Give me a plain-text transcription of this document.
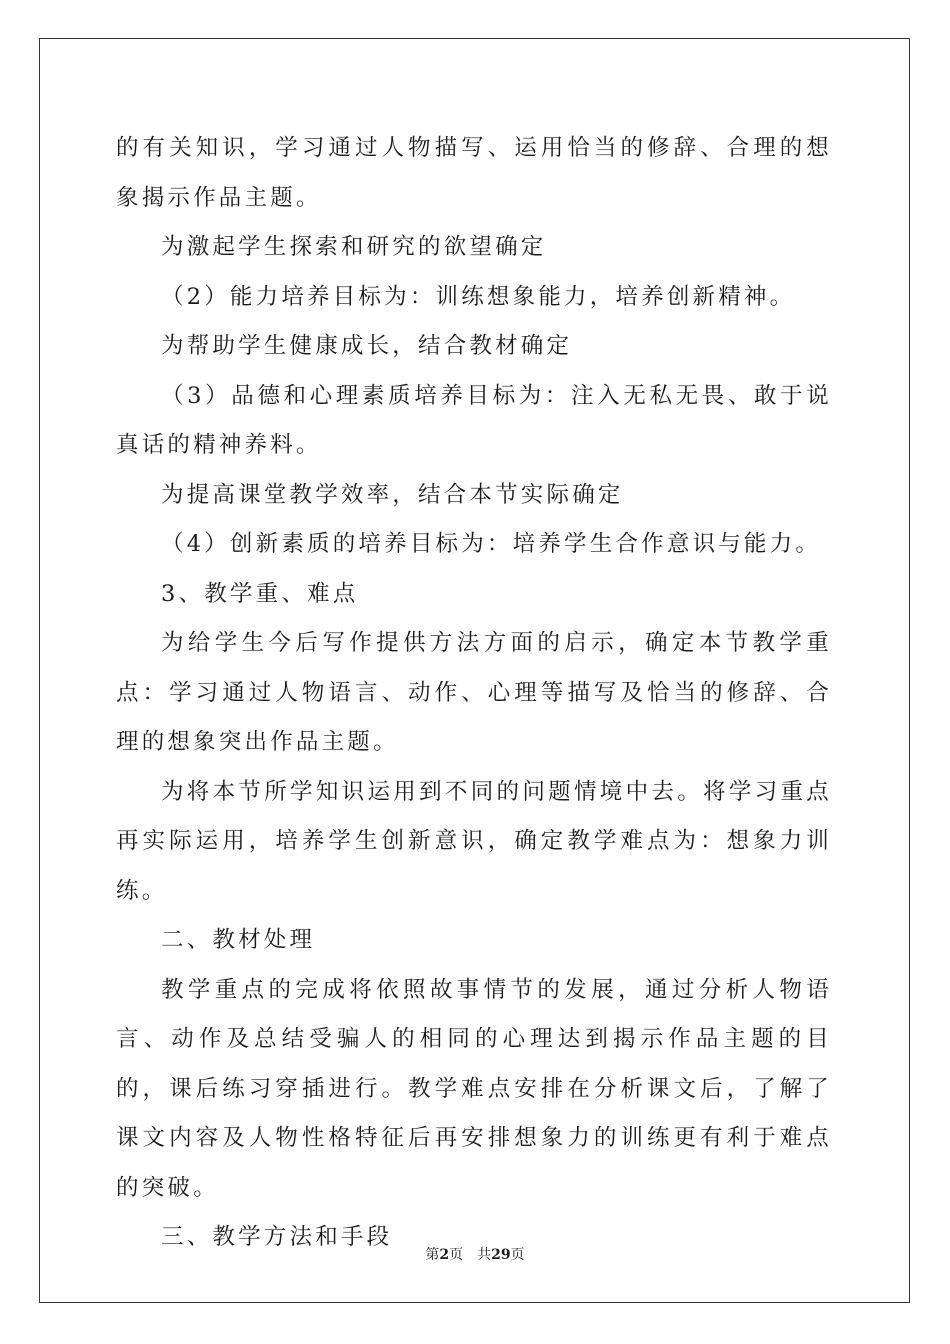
的有关知识，学习通过人物描写、运用恰当的修辞、合理的想象揭示作品主题。

为激起学生探索和研究的欲望确定

（2）能力培养目标为：训练想象能力，培养创新精神。

为帮助学生健康成长，结合教材确定

（3）品德和心理素质培养目标为：注入无私无畏、敢于说真话的精神养料。

为提高课堂教学效率，结合本节实际确定

（4）创新素质的培养目标为：培养学生合作意识与能力。

3、教学重、难点

为给学生今后写作提供方法方面的启示，确定本节教学重点：学习通过人物语言、动作、心理等描写及恰当的修辞、合理的想象突出作品主题。

为将本节所学知识运用到不同的问题情境中去。将学习重点再实际运用，培养学生创新意识，确定教学难点为：想象力训练。

二、教材处理

教学重点的完成将依照故事情节的发展，通过分析人物语言、动作及总结受骗人的相同的心理达到揭示作品主题的目的，课后练习穿插进行。教学难点安排在分析课文后，了解了课文内容及人物性格特征后再安排想象力的训练更有利于难点的突破。

三、教学方法和手段

第2页 共29页
